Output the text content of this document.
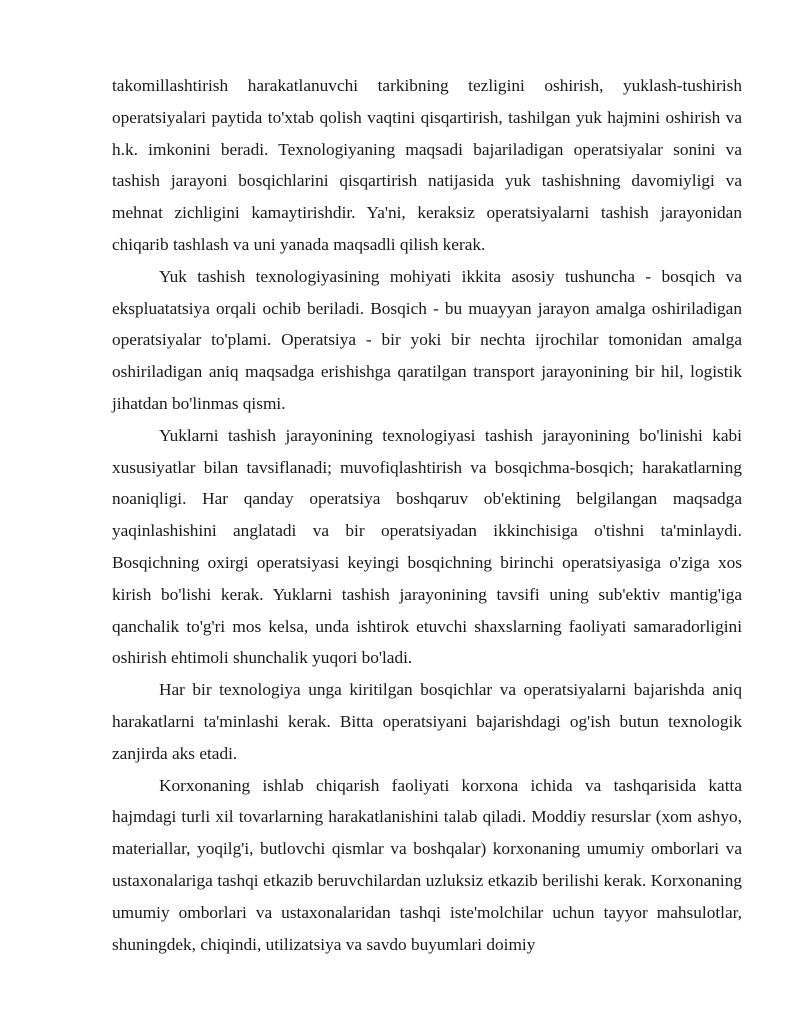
takomillashtirish harakatlanuvchi tarkibning tezligini oshirish, yuklash-tushirish operatsiyalari paytida to'xtab qolish vaqtini qisqartirish, tashilgan yuk hajmini oshirish va h.k. imkonini beradi. Texnologiyaning maqsadi bajariladigan operatsiyalar sonini va tashish jarayoni bosqichlarini qisqartirish natijasida yuk tashishning davomiyligi va mehnat zichligini kamaytirishdir. Ya'ni, keraksiz operatsiyalarni tashish jarayonidan chiqarib tashlash va uni yanada maqsadli qilish kerak.

Yuk tashish texnologiyasining mohiyati ikkita asosiy tushuncha - bosqich va ekspluatatsiya orqali ochib beriladi. Bosqich - bu muayyan jarayon amalga oshiriladigan operatsiyalar to'plami. Operatsiya - bir yoki bir nechta ijrochilar tomonidan amalga oshiriladigan aniq maqsadga erishishga qaratilgan transport jarayonining bir hil, logistik jihatdan bo'linmas qismi.

Yuklarni tashish jarayonining texnologiyasi tashish jarayonining bo'linishi kabi xususiyatlar bilan tavsiflanadi; muvofiqlashtirish va bosqichma-bosqich; harakatlarning noaniqligi. Har qanday operatsiya boshqaruv ob'ektining belgilangan maqsadga yaqinlashishini anglatadi va bir operatsiyadan ikkinchisiga o'tishni ta'minlaydi. Bosqichning oxirgi operatsiyasi keyingi bosqichning birinchi operatsiyasiga o'ziga xos kirish bo'lishi kerak. Yuklarni tashish jarayonining tavsifi uning sub'ektiv mantig'iga qanchalik to'g'ri mos kelsa, unda ishtirok etuvchi shaxslarning faoliyati samaradorligini oshirish ehtimoli shunchalik yuqori bo'ladi.

Har bir texnologiya unga kiritilgan bosqichlar va operatsiyalarni bajarishda aniq harakatlarni ta'minlashi kerak. Bitta operatsiyani bajarishdagi og'ish butun texnologik zanjirda aks etadi.

Korxonaning ishlab chiqarish faoliyati korxona ichida va tashqarisida katta hajmdagi turli xil tovarlarning harakatlanishini talab qiladi. Moddiy resurslar (xom ashyo, materiallar, yoqilg'i, butlovchi qismlar va boshqalar) korxonaning umumiy omborlari va ustaxonalariga tashqi etkazib beruvchilardan uzluksiz etkazib berilishi kerak. Korxonaning umumiy omborlari va ustaxonalaridan tashqi iste'molchilar uchun tayyor mahsulotlar, shuningdek, chiqindi, utilizatsiya va savdo buyumlari doimiy
